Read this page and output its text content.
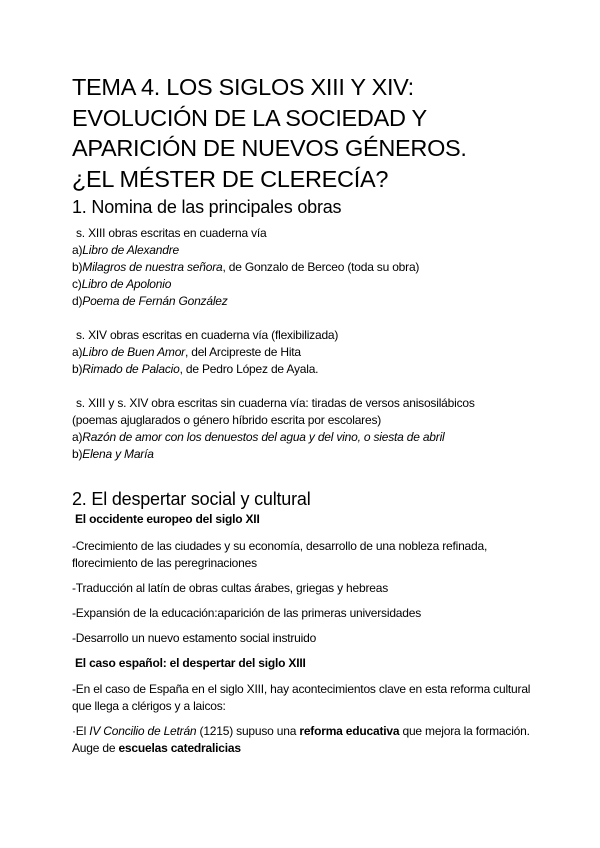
TEMA 4. LOS SIGLOS XIII Y XIV:

EVOLUCIÓN DE LA SOCIEDAD Y

APARICIÓN DE NUEVOS GÉNEROS.

¿EL MÉSTER DE CLERECÍA?

1. Nomina de las principales obras

s. XIII obras escritas en cuaderna vía

a)Libro de Alexandre

b)Milagros de nuestra señora, de Gonzalo de Berceo (toda su obra)

c)Libro de Apolonio

d)Poema de Fernán González

s. XIV obras escritas en cuaderna vía (flexibilizada)

a)Libro de Buen Amor, del Arcipreste de Hita

b)Rimado de Palacio, de Pedro López de Ayala.

s. XIII y s. XIV obra escritas sin cuaderna vía: tiradas de versos anisosilábicos

(poemas ajuglarados o género híbrido escrita por escolares)

a)Razón de amor con los denuestos del agua y del vino, o siesta de abril

b)Elena y María

2. El despertar social y cultural

El occidente europeo del siglo XII

-Crecimiento de las ciudades y su economía, desarrollo de una nobleza refinada, florecimiento de las peregrinaciones

-Traducción al latín de obras cultas árabes, griegas y hebreas

-Expansión de la educación:aparición de las primeras universidades

-Desarrollo un nuevo estamento social instruido

El caso español: el despertar del siglo XIII

-En el caso de España en el siglo XIII, hay acontecimientos clave en esta reforma cultural que llega a clérigos y a laicos:

·El IV Concilio de Letrán (1215) supuso una reforma educativa que mejora la formación. Auge de escuelas catedralicias
